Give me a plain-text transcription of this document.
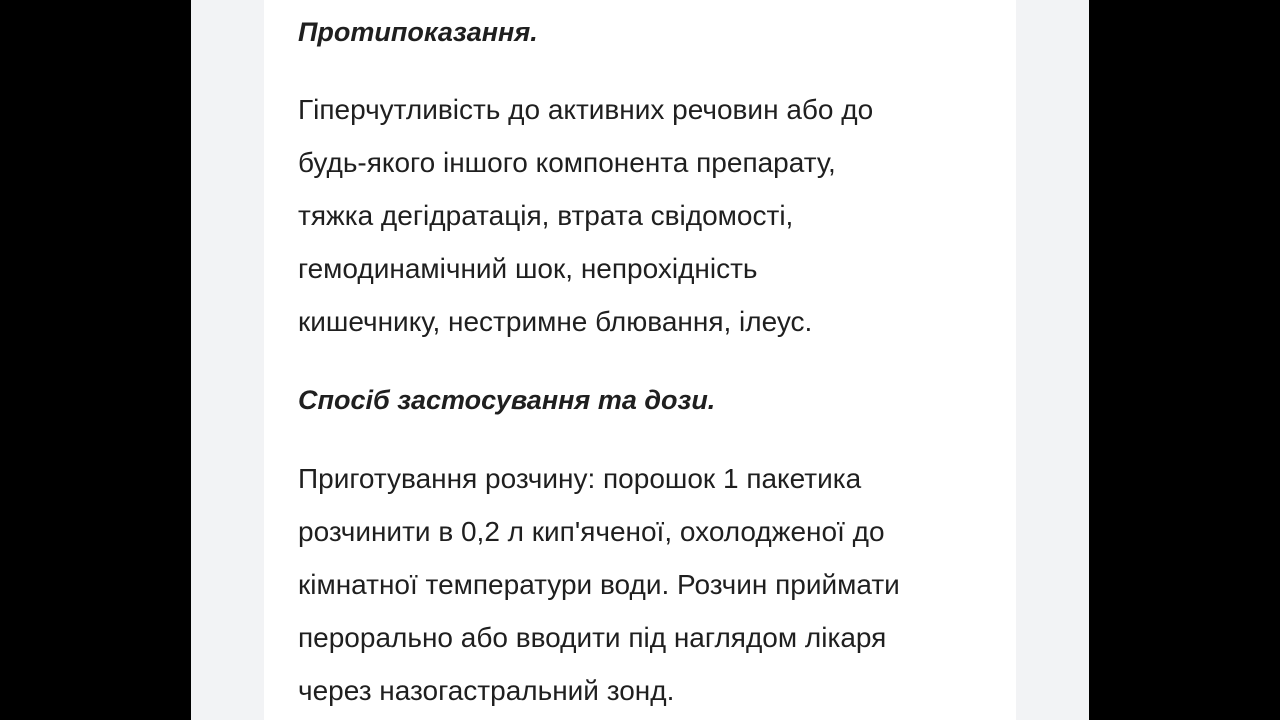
Протипоказання.

Гіперчутливість до активних речовин або до
будь-якого іншого компонента препарату,
тяжка дегідратація, втрата свідомості,
гемодинамічний шок, непрохідність
кишечнику, нестримне блювання, ілеус.

Спосіб застосування та дози.

Приготування розчину: порошок 1 пакетика
розчинити в 0,2 л кип'яченої, охолодженої до
кімнатної температури води. Розчин приймати
перорально або вводити під наглядом лікаря
через назогастральний зонд.
